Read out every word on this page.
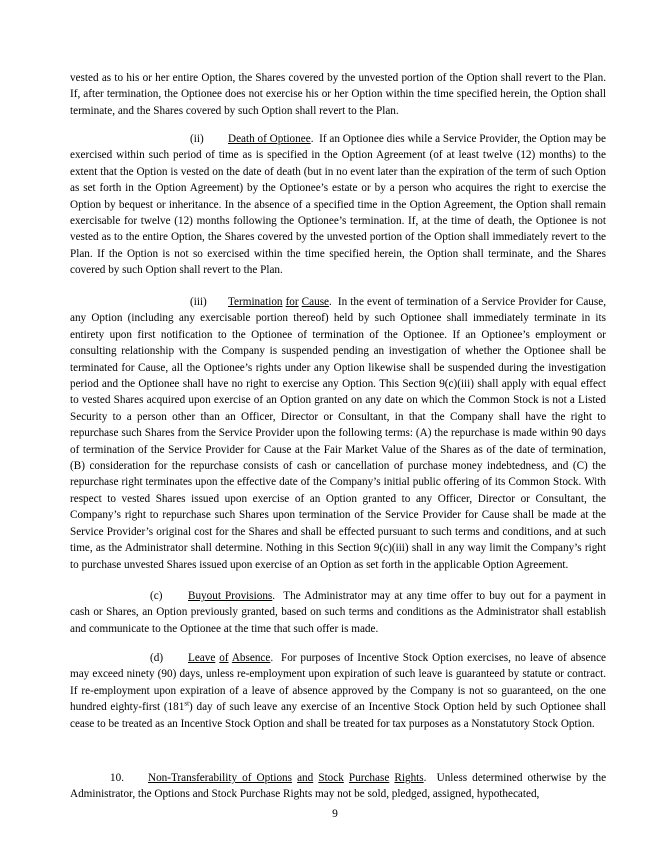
vested as to his or her entire Option, the Shares covered by the unvested portion of the Option shall revert to the Plan. If, after termination, the Optionee does not exercise his or her Option within the time specified herein, the Option shall terminate, and the Shares covered by such Option shall revert to the Plan.

(ii) Death of Optionee.  If an Optionee dies while a Service Provider, the Option may be exercised within such period of time as is specified in the Option Agreement (of at least twelve (12) months) to the extent that the Option is vested on the date of death (but in no event later than the expiration of the term of such Option as set forth in the Option Agreement) by the Optionee’s estate or by a person who acquires the right to exercise the Option by bequest or inheritance. In the absence of a specified time in the Option Agreement, the Option shall remain exercisable for twelve (12) months following the Optionee’s termination. If, at the time of death, the Optionee is not vested as to the entire Option, the Shares covered by the unvested portion of the Option shall immediately revert to the Plan. If the Option is not so exercised within the time specified herein, the Option shall terminate, and the Shares covered by such Option shall revert to the Plan.

(iii) Termination for Cause.  In the event of termination of a Service Provider for Cause, any Option (including any exercisable portion thereof) held by such Optionee shall immediately terminate in its entirety upon first notification to the Optionee of termination of the Optionee. If an Optionee’s employment or consulting relationship with the Company is suspended pending an investigation of whether the Optionee shall be terminated for Cause, all the Optionee’s rights under any Option likewise shall be suspended during the investigation period and the Optionee shall have no right to exercise any Option. This Section 9(c)(iii) shall apply with equal effect to vested Shares acquired upon exercise of an Option granted on any date on which the Common Stock is not a Listed Security to a person other than an Officer, Director or Consultant, in that the Company shall have the right to repurchase such Shares from the Service Provider upon the following terms: (A) the repurchase is made within 90 days of termination of the Service Provider for Cause at the Fair Market Value of the Shares as of the date of termination, (B) consideration for the repurchase consists of cash or cancellation of purchase money indebtedness, and (C) the repurchase right terminates upon the effective date of the Company’s initial public offering of its Common Stock. With respect to vested Shares issued upon exercise of an Option granted to any Officer, Director or Consultant, the Company’s right to repurchase such Shares upon termination of the Service Provider for Cause shall be made at the Service Provider’s original cost for the Shares and shall be effected pursuant to such terms and conditions, and at such time, as the Administrator shall determine. Nothing in this Section 9(c)(iii) shall in any way limit the Company’s right to purchase unvested Shares issued upon exercise of an Option as set forth in the applicable Option Agreement.

(c) Buyout Provisions.  The Administrator may at any time offer to buy out for a payment in cash or Shares, an Option previously granted, based on such terms and conditions as the Administrator shall establish and communicate to the Optionee at the time that such offer is made.

(d) Leave of Absence.  For purposes of Incentive Stock Option exercises, no leave of absence may exceed ninety (90) days, unless re-employment upon expiration of such leave is guaranteed by statute or contract. If re-employment upon expiration of a leave of absence approved by the Company is not so guaranteed, on the one hundred eighty-first (181st) day of such leave any exercise of an Incentive Stock Option held by such Optionee shall cease to be treated as an Incentive Stock Option and shall be treated for tax purposes as a Nonstatutory Stock Option.

10. Non-Transferability of Options and Stock Purchase Rights.  Unless determined otherwise by the Administrator, the Options and Stock Purchase Rights may not be sold, pledged, assigned, hypothecated,

9
